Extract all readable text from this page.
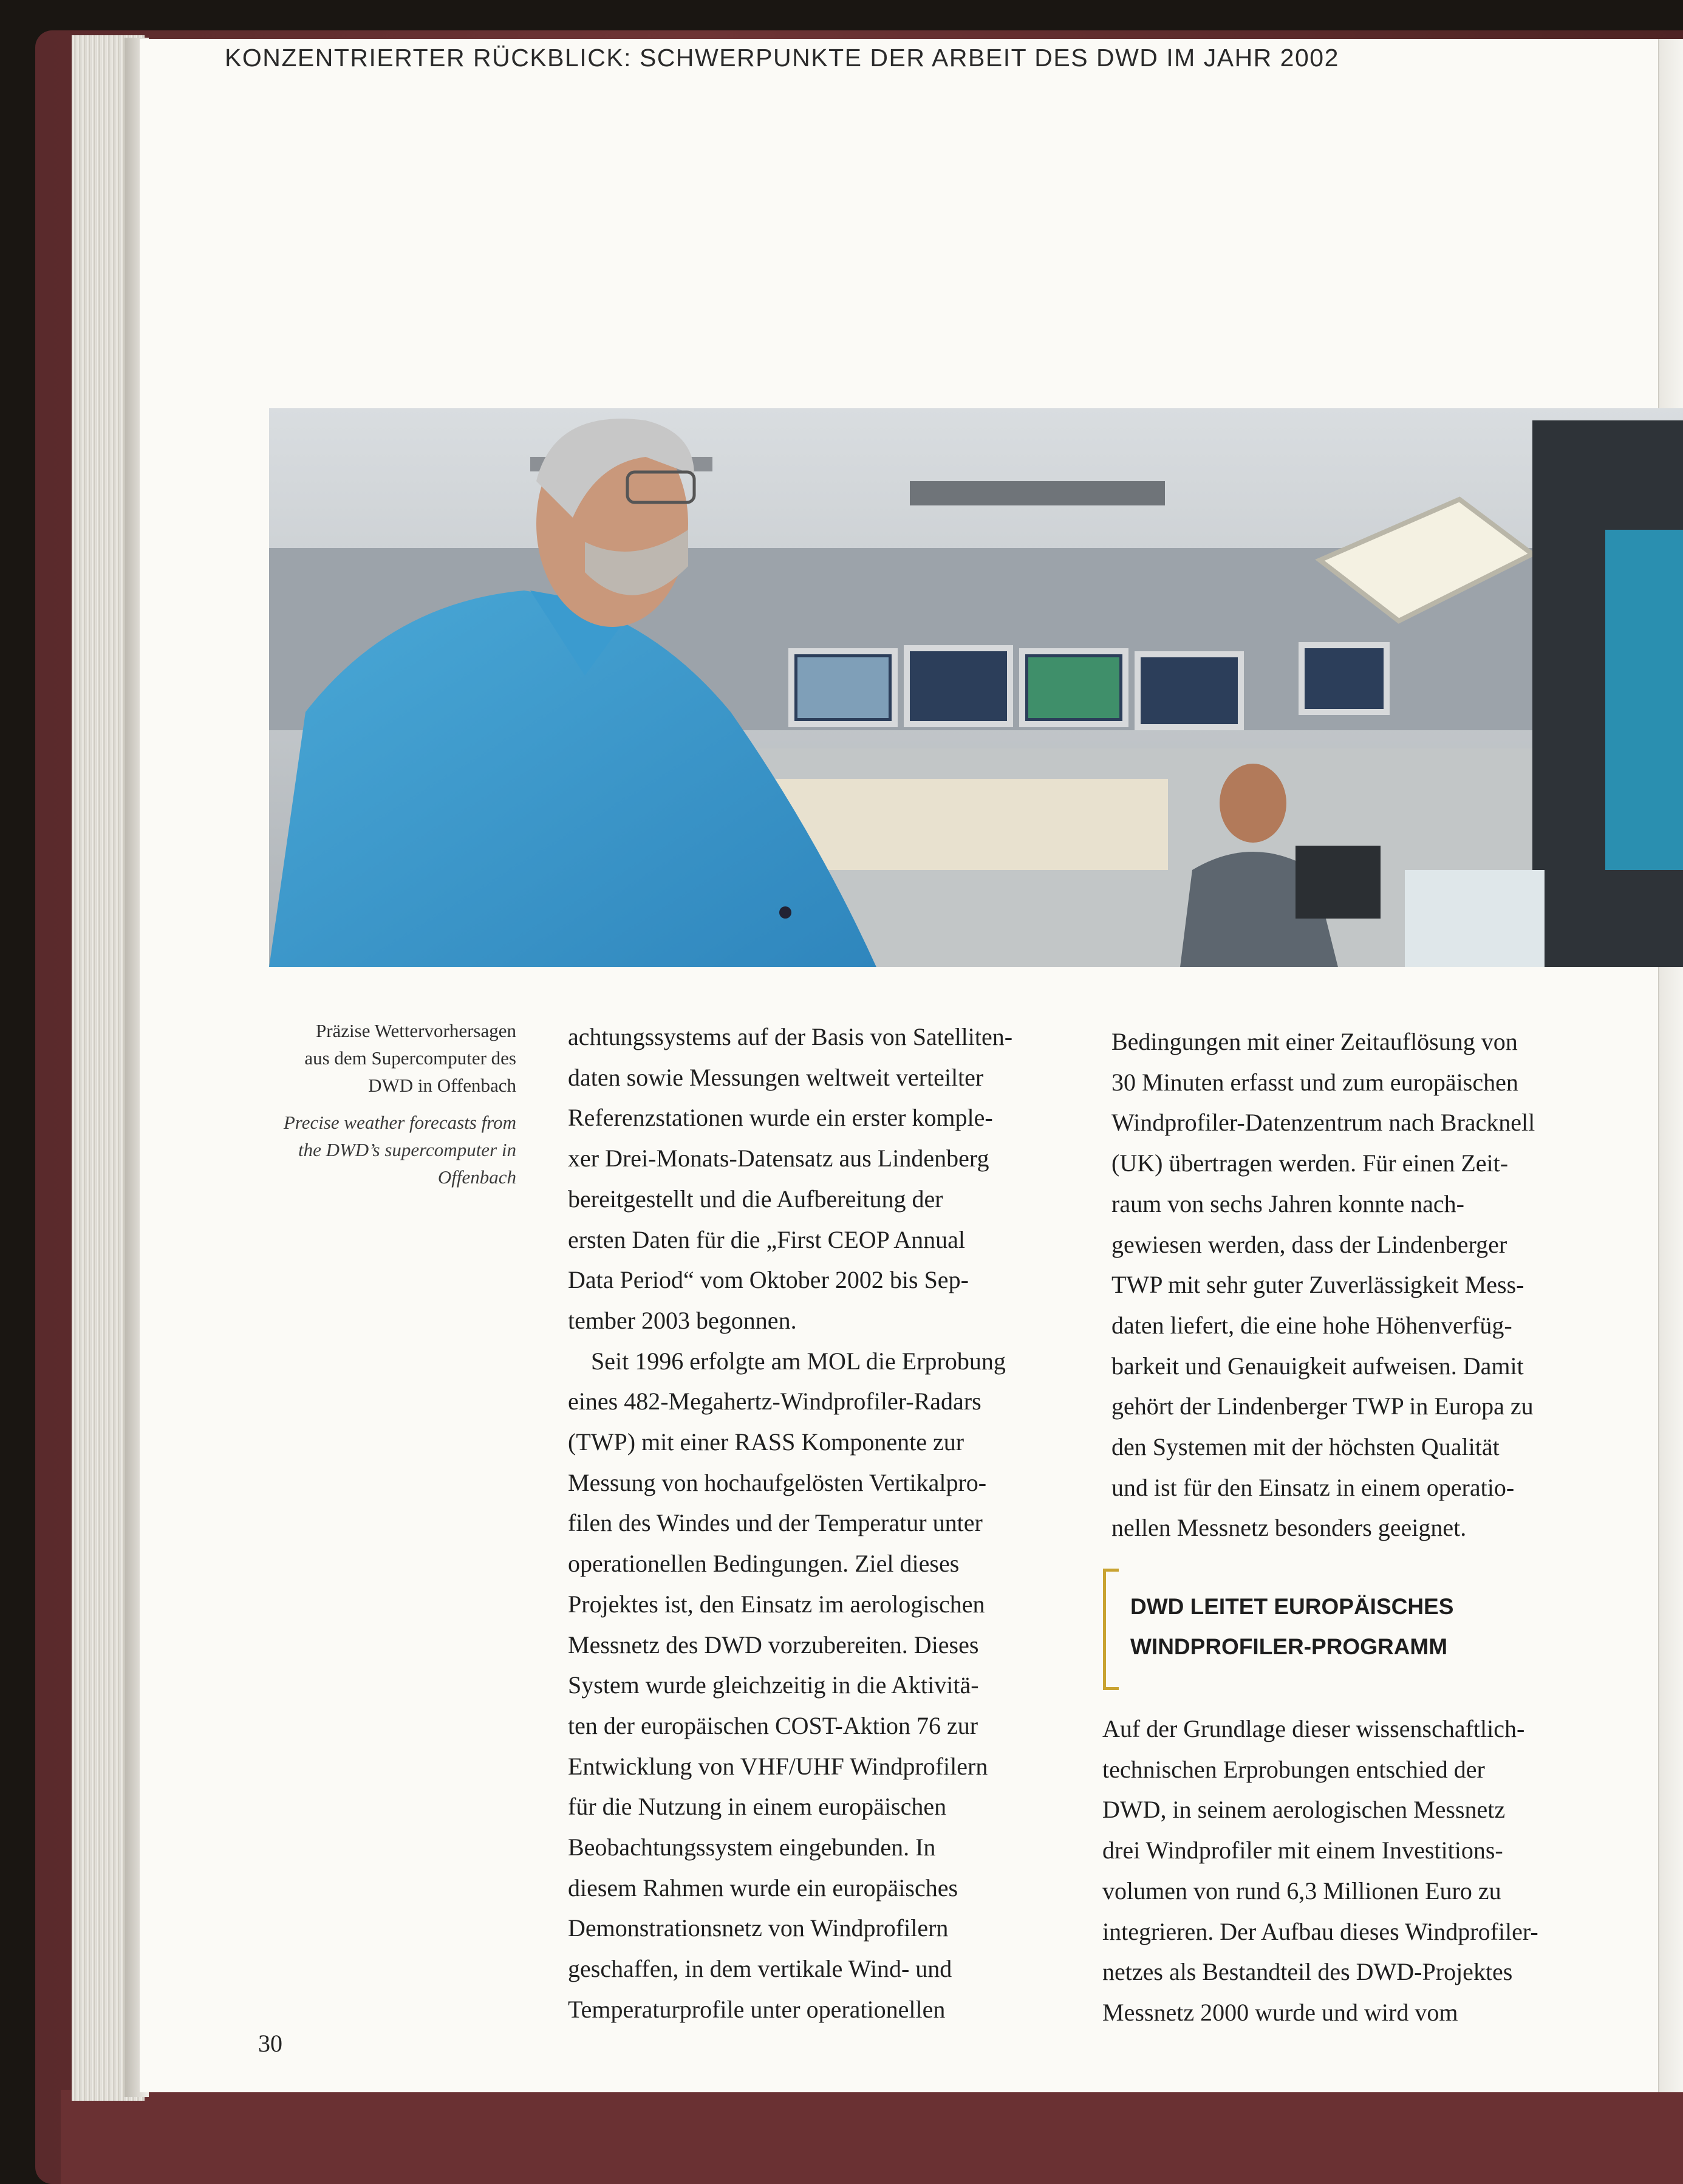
KONZENTRIERTER RÜCKBLICK: SCHWERPUNKTE DER ARBEIT DES DWD IM JAHR 2002
Präzise Wettervorhersagen
aus dem Supercomputer des
DWD in Offenbach
Precise weather forecasts from
the DWD’s supercomputer in
Offenbach

achtungssystems auf der Basis von Satelliten-
daten sowie Messungen weltweit verteilter
Referenzstationen wurde ein erster komple-
xer Drei-Monats-Datensatz aus Lindenberg
bereitgestellt und die Aufbereitung der
ersten Daten für die „First CEOP Annual
Data Period“ vom Oktober 2002 bis Sep-
tember 2003 begonnen.

Seit 1996 erfolgte am MOL die Erprobung
eines 482-Megahertz-Windprofiler-Radars
(TWP) mit einer RASS Komponente zur
Messung von hochaufgelösten Vertikalpro-
filen des Windes und der Temperatur unter
operationellen Bedingungen. Ziel dieses
Projektes ist, den Einsatz im aerologischen
Messnetz des DWD vorzubereiten. Dieses
System wurde gleichzeitig in die Aktivitä-
ten der europäischen COST-Aktion 76 zur
Entwicklung von VHF/UHF Windprofilern
für die Nutzung in einem europäischen
Beobachtungssystem eingebunden. In
diesem Rahmen wurde ein europäisches
Demonstrationsnetz von Windprofilern
geschaffen, in dem vertikale Wind- und
Temperaturprofile unter operationellen

Bedingungen mit einer Zeitauflösung von
30 Minuten erfasst und zum europäischen
Windprofiler-Datenzentrum nach Bracknell
(UK) übertragen werden. Für einen Zeit-
raum von sechs Jahren konnte nach-
gewiesen werden, dass der Lindenberger
TWP mit sehr guter Zuverlässigkeit Mess-
daten liefert, die eine hohe Höhenverfüg-
barkeit und Genauigkeit aufweisen. Damit
gehört der Lindenberger TWP in Europa zu
den Systemen mit der höchsten Qualität
und ist für den Einsatz in einem operatio-
nellen Messnetz besonders geeignet.

DWD LEITET EUROPÄISCHES
WINDPROFILER-PROGRAMM

Auf der Grundlage dieser wissenschaftlich-
technischen Erprobungen entschied der
DWD, in seinem aerologischen Messnetz
drei Windprofiler mit einem Investitions-
volumen von rund 6,3 Millionen Euro zu
integrieren. Der Aufbau dieses Windprofiler-
netzes als Bestandteil des DWD-Projektes
Messnetz 2000 wurde und wird vom

30
